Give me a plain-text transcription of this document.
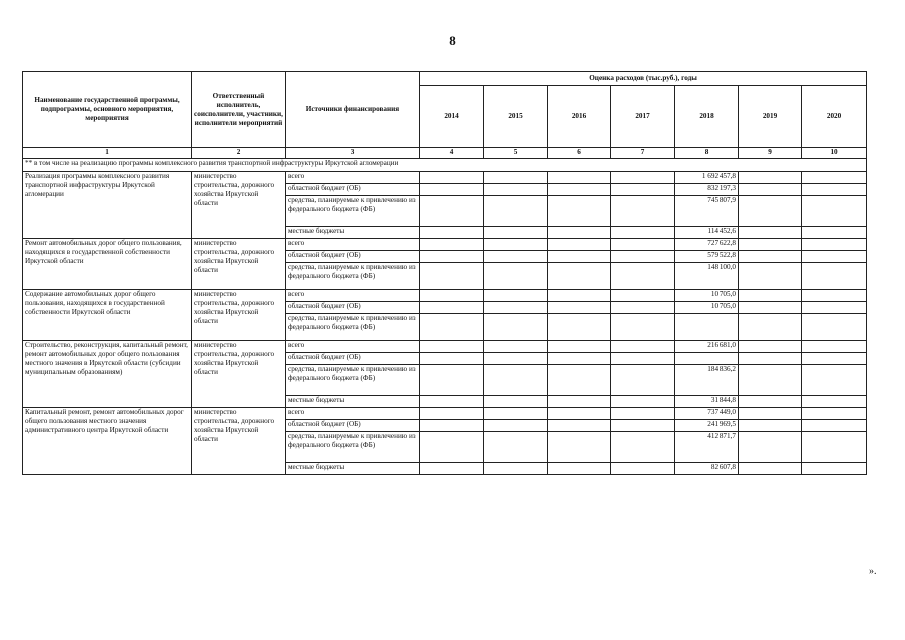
8
Наименование государственной программы, подпрограммы, основного мероприятия, мероприятия	Ответственный исполнитель, соисполнители, участники, исполнители мероприятий	Источники финансирования	Оценка расходов (тыс.руб.), годы						
			2014	2015	2016	2017	2018	2019	2020
1	2	3	4	5	6	7	8	9	10
** в том числе на реализацию программы комплексного развития транспортной инфраструктуры Иркутской агломерации									
Реализация программы комплексного развития транспортной инфраструктуры Иркутской агломерации	министерство строительства, дорожного хозяйства Иркутской области	всего					1 692 457,8		
		областной бюджет (ОБ)					832 197,3		
		средства, планируемые к привлечению из федерального бюджета (ФБ)					745 807,9		
		местные бюджеты					114 452,6		
Ремонт автомобильных дорог общего пользования, находящихся в государственной собственности Иркутской области	министерство строительства, дорожного хозяйства Иркутской области	всего					727 622,8		
		областной бюджет (ОБ)					579 522,8		
		средства, планируемые к привлечению из федерального бюджета (ФБ)					148 100,0		
Содержание автомобильных дорог общего пользования, находящихся в государственной собственности Иркутской области	министерство строительства, дорожного хозяйства Иркутской области	всего					10 705,0		
		областной бюджет (ОБ)					10 705,0		
		средства, планируемые к привлечению из федерального бюджета (ФБ)							
Строительство, реконструкция, капитальный ремонт, ремонт автомобильных дорог общего пользования местного значения в Иркутской области (субсидии муниципальным образованиям)	министерство строительства, дорожного хозяйства Иркутской области	всего					216 681,0		
		областной бюджет (ОБ)							
		средства, планируемые к привлечению из федерального бюджета (ФБ)					184 836,2		
		местные бюджеты					31 844,8		
Капитальный ремонт, ремонт автомобильных дорог общего пользования местного значения административного центра Иркутской области	министерство строительства, дорожного хозяйства Иркутской области	всего					737 449,0		
		областной бюджет (ОБ)					241 969,5		
		средства, планируемые к привлечению из федерального бюджета (ФБ)					412 871,7		
		местные бюджеты					82 607,8		
».
